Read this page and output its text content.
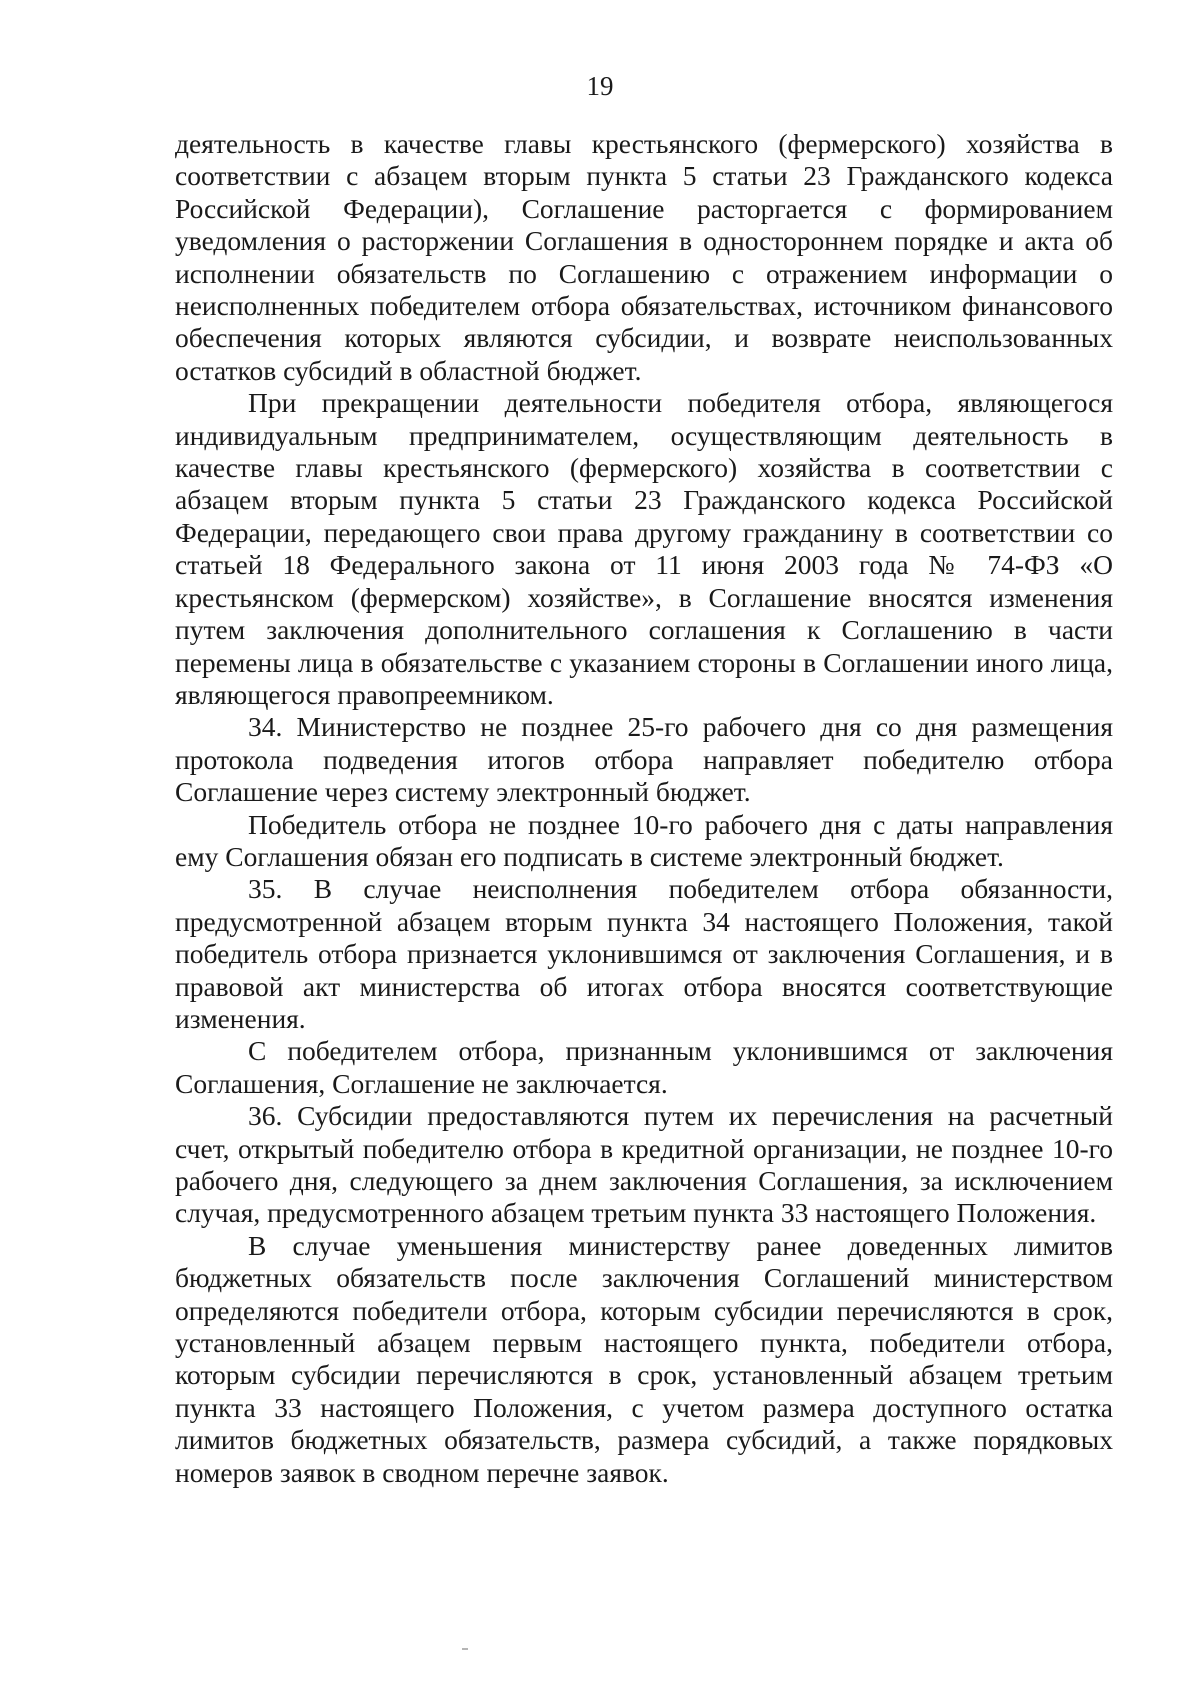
19

деятельность в качестве главы крестьянского (фермерского) хозяйства в соответствии с абзацем вторым пункта 5 статьи 23 Гражданского кодекса Российской Федерации), Соглашение расторгается с формированием уведомления о расторжении Соглашения в одностороннем порядке и акта об исполнении обязательств по Соглашению с отражением информации о неисполненных победителем отбора обязательствах, источником финансового обеспечения которых являются субсидии, и возврате неиспользованных остатков субсидий в областной бюджет.

При прекращении деятельности победителя отбора, являющегося индивидуальным предпринимателем, осуществляющим деятельность в качестве главы крестьянского (фермерского) хозяйства в соответствии с абзацем вторым пункта 5 статьи 23 Гражданского кодекса Российской Федерации, передающего свои права другому гражданину в соответствии со статьей 18 Федерального закона от 11 июня 2003 года № 74-ФЗ «О крестьянском (фермерском) хозяйстве», в Соглашение вносятся изменения путем заключения дополнительного соглашения к Соглашению в части перемены лица в обязательстве с указанием стороны в Соглашении иного лица, являющегося правопреемником.

34. Министерство не позднее 25-го рабочего дня со дня размещения протокола подведения итогов отбора направляет победителю отбора Соглашение через систему электронный бюджет.

Победитель отбора не позднее 10-го рабочего дня с даты направления ему Соглашения обязан его подписать в системе электронный бюджет.

35. В случае неисполнения победителем отбора обязанности, предусмотренной абзацем вторым пункта 34 настоящего Положения, такой победитель отбора признается уклонившимся от заключения Соглашения, и в правовой акт министерства об итогах отбора вносятся соответствующие изменения.

С победителем отбора, признанным уклонившимся от заключения Соглашения, Соглашение не заключается.

36. Субсидии предоставляются путем их перечисления на расчетный счет, открытый победителю отбора в кредитной организации, не позднее 10-го рабочего дня, следующего за днем заключения Соглашения, за исключением случая, предусмотренного абзацем третьим пункта 33 настоящего Положения.

В случае уменьшения министерству ранее доведенных лимитов бюджетных обязательств после заключения Соглашений министерством определяются победители отбора, которым субсидии перечисляются в срок, установленный абзацем первым настоящего пункта, победители отбора, которым субсидии перечисляются в срок, установленный абзацем третьим пункта 33 настоящего Положения, с учетом размера доступного остатка лимитов бюджетных обязательств, размера субсидий, а также порядковых номеров заявок в сводном перечне заявок.
